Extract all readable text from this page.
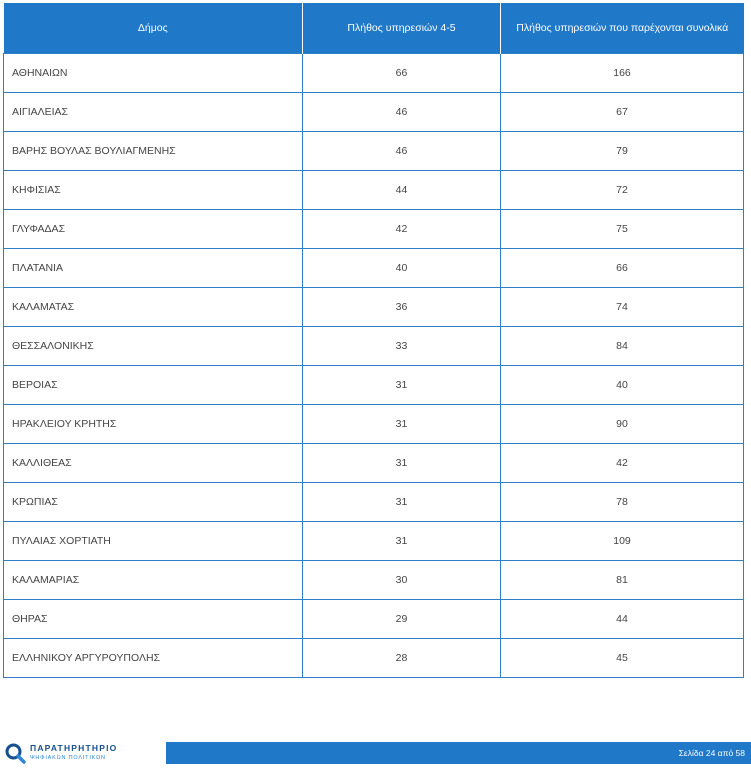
Δήμος	Πλήθος υπηρεσιών 4-5	Πλήθος υπηρεσιών που παρέχονται συνολικά
ΑΘΗΝΑΙΩΝ	66	166
ΑΙΓΙΑΛΕΙΑΣ	46	67
ΒΑΡΗΣ ΒΟΥΛΑΣ ΒΟΥΛΙΑΓΜΕΝΗΣ	46	79
ΚΗΦΙΣΙΑΣ	44	72
ΓΛΥΦΑΔΑΣ	42	75
ΠΛΑΤΑΝΙΑ	40	66
ΚΑΛΑΜΑΤΑΣ	36	74
ΘΕΣΣΑΛΟΝΙΚΗΣ	33	84
ΒΕΡΟΙΑΣ	31	40
ΗΡΑΚΛΕΙΟΥ ΚΡΗΤΗΣ	31	90
ΚΑΛΛΙΘΕΑΣ	31	42
ΚΡΩΠΙΑΣ	31	78
ΠΥΛΑΙΑΣ ΧΟΡΤΙΑΤΗ	31	109
ΚΑΛΑΜΑΡΙΑΣ	30	81
ΘΗΡΑΣ	29	44
ΕΛΛΗΝΙΚΟΥ ΑΡΓΥΡΟΥΠΟΛΗΣ	28	45
ΠΑΡΑΤΗΡΗΤΗΡΙΟ
ΨΗΦΙΑΚΩΝ ΠΟΛΙΤΙΚΩΝ	Σελίδα 24 από 58
